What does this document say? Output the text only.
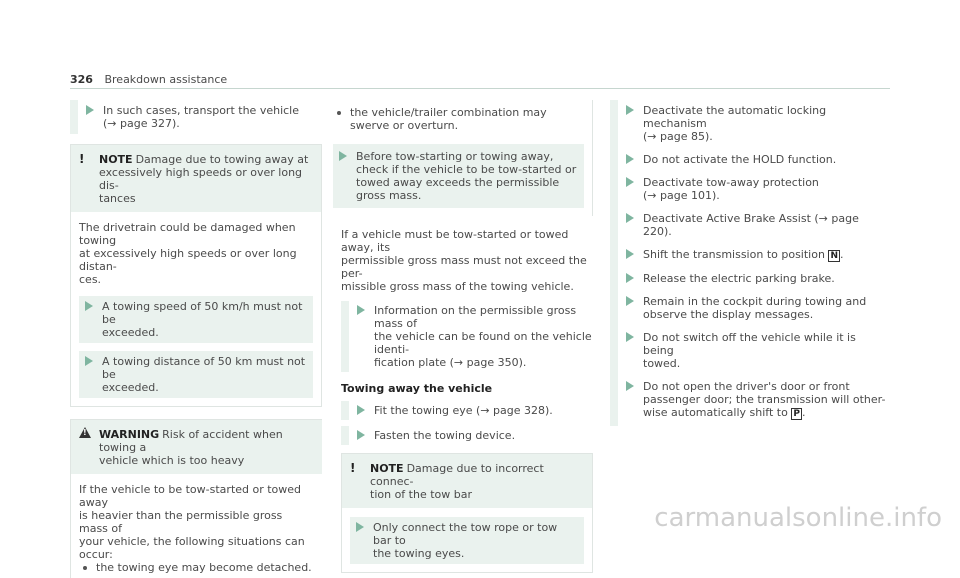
326 Breakdown assistance

In such cases, transport the vehicle

(→ page 327).

! NOTE Damage due to towing away at

excessively high speeds or over long dis-

tances

The drivetrain could be damaged when towing

at excessively high speeds or over long distan-

ces.

A towing speed of 50 km/h must not be

exceeded.

A towing distance of 50 km must not be

exceeded.

!

WARNING Risk of accident when towing a

vehicle which is too heavy

If the vehicle to be tow-started or towed away

is heavier than the permissible gross mass of

your vehicle, the following situations can

occur:

the towing eye may become detached.

the vehicle/trailer combination may

swerve or overturn.

Before tow-starting or towing away,

check if the vehicle to be tow-started or

towed away exceeds the permissible

gross mass.

If a vehicle must be tow-started or towed away, its

permissible gross mass must not exceed the per-

missible gross mass of the towing vehicle.

Information on the permissible gross mass of

the vehicle can be found on the vehicle identi-

fication plate (→ page 350).

Towing away the vehicle

Fit the towing eye (→ page 328).

Fasten the towing device.

! NOTE Damage due to incorrect connec-

tion of the tow bar

Only connect the tow rope or tow bar to

the towing eyes.

Deactivate the automatic locking mechanism

(→ page 85).

Do not activate the HOLD function.

Deactivate tow-away protection

(→ page 101).

Deactivate Active Brake Assist (→ page 220).

Shift the transmission to position N .

Release the electric parking brake.

Remain in the cockpit during towing and

observe the display messages.

Do not switch off the vehicle while it is being

towed.

Do not open the driver's door or front

passenger door; the transmission will other-

wise automatically shift to P .

carmanualsonline.info
